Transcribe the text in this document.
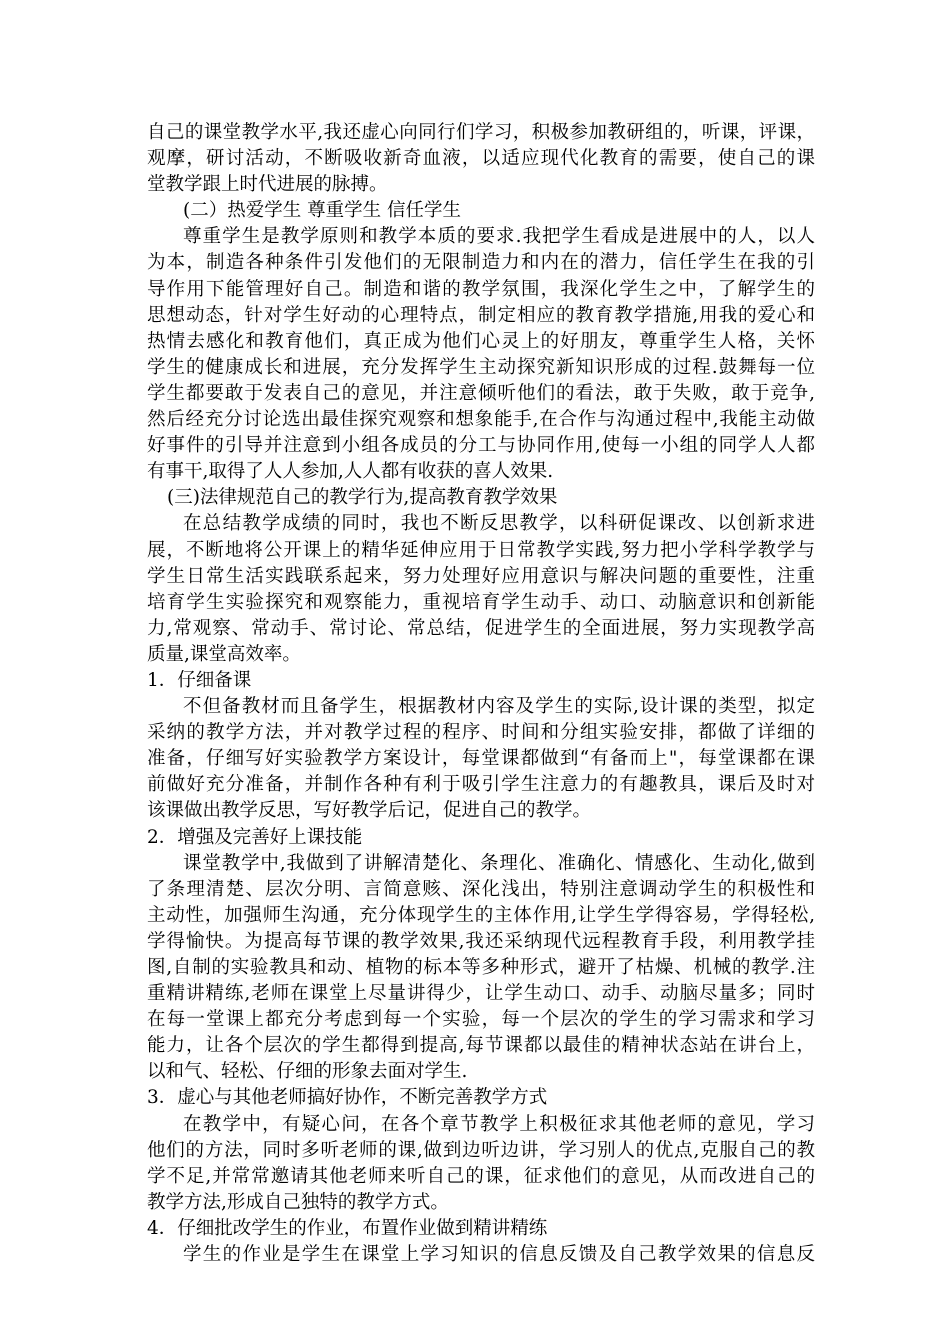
自己的课堂教学水平,我还虚心向同行们学习，积极参加教研组的，听课，评课，
观摩，研讨活动，不断吸收新奇血液，以适应现代化教育的需要，使自己的课
堂教学跟上时代进展的脉搏。
(二）热爱学生 尊重学生 信任学生
尊重学生是教学原则和教学本质的要求.我把学生看成是进展中的人，以人
为本，制造各种条件引发他们的无限制造力和内在的潜力，信任学生在我的引
导作用下能管理好自己。制造和谐的教学氛围，我深化学生之中，了解学生的
思想动态，针对学生好动的心理特点，制定相应的教育教学措施,用我的爱心和
热情去感化和教育他们，真正成为他们心灵上的好朋友，尊重学生人格，关怀
学生的健康成长和进展，充分发挥学生主动探究新知识形成的过程.鼓舞每一位
学生都要敢于发表自己的意见，并注意倾听他们的看法，敢于失败，敢于竞争,
然后经充分讨论选出最佳探究观察和想象能手,在合作与沟通过程中,我能主动做
好事件的引导并注意到小组各成员的分工与协同作用,使每一小组的同学人人都
有事干,取得了人人参加,人人都有收获的喜人效果.
(三)法律规范自己的教学行为,提高教育教学效果
在总结教学成绩的同时，我也不断反思教学，以科研促课改、以创新求进
展，不断地将公开课上的精华延伸应用于日常教学实践,努力把小学科学教学与
学生日常生活实践联系起来，努力处理好应用意识与解决问题的重要性，注重
培育学生实验探究和观察能力，重视培育学生动手、动口、动脑意识和创新能
力,常观察、常动手、常讨论、常总结，促进学生的全面进展，努力实现教学高
质量,课堂高效率。
1．仔细备课
不但备教材而且备学生，根据教材内容及学生的实际,设计课的类型，拟定
采纳的教学方法，并对教学过程的程序、时间和分组实验安排，都做了详细的
准备，仔细写好实验教学方案设计，每堂课都做到“有备而上"，每堂课都在课
前做好充分准备，并制作各种有利于吸引学生注意力的有趣教具，课后及时对
该课做出教学反思，写好教学后记，促进自己的教学。
2．增强及完善好上课技能
课堂教学中,我做到了讲解清楚化、条理化、准确化、情感化、生动化,做到
了条理清楚、层次分明、言简意赅、深化浅出，特别注意调动学生的积极性和
主动性，加强师生沟通，充分体现学生的主体作用,让学生学得容易，学得轻松,
学得愉快。为提高每节课的教学效果,我还采纳现代远程教育手段，利用教学挂
图,自制的实验教具和动、植物的标本等多种形式，避开了枯燥、机械的教学.注
重精讲精练,老师在课堂上尽量讲得少，让学生动口、动手、动脑尽量多；同时
在每一堂课上都充分考虑到每一个实验，每一个层次的学生的学习需求和学习
能力，让各个层次的学生都得到提高,每节课都以最佳的精神状态站在讲台上，
以和气、轻松、仔细的形象去面对学生.
3．虚心与其他老师搞好协作，不断完善教学方式
在教学中，有疑心问，在各个章节教学上积极征求其他老师的意见，学习
他们的方法，同时多听老师的课,做到边听边讲，学习别人的优点,克服自己的教
学不足,并常常邀请其他老师来听自己的课，征求他们的意见，从而改进自己的
教学方法,形成自己独特的教学方式。
4．仔细批改学生的作业，布置作业做到精讲精练
学生的作业是学生在课堂上学习知识的信息反馈及自己教学效果的信息反
